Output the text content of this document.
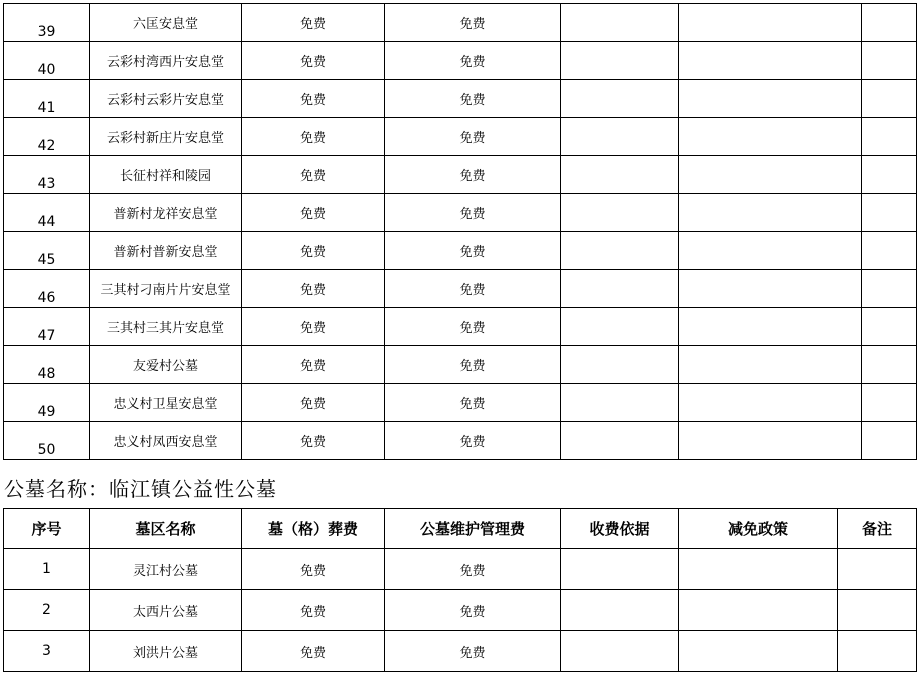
39	六匡安息堂	免费	免费			
40	云彩村湾西片安息堂	免费	免费			
41	云彩村云彩片安息堂	免费	免费			
42	云彩村新庄片安息堂	免费	免费			
43	长征村祥和陵园	免费	免费			
44	普新村龙祥安息堂	免费	免费			
45	普新村普新安息堂	免费	免费			
46	三其村刁南片片安息堂	免费	免费			
47	三其村三其片安息堂	免费	免费			
48	友爱村公墓	免费	免费			
49	忠义村卫星安息堂	免费	免费			
50	忠义村凤西安息堂	免费	免费			
公墓名称：临江镇公益性公墓
序号	墓区名称	墓（格）葬费	公墓维护管理费	收费依据	减免政策	备注
1	灵江村公墓	免费	免费			
2	太西片公墓	免费	免费			
3	刘洪片公墓	免费	免费			
